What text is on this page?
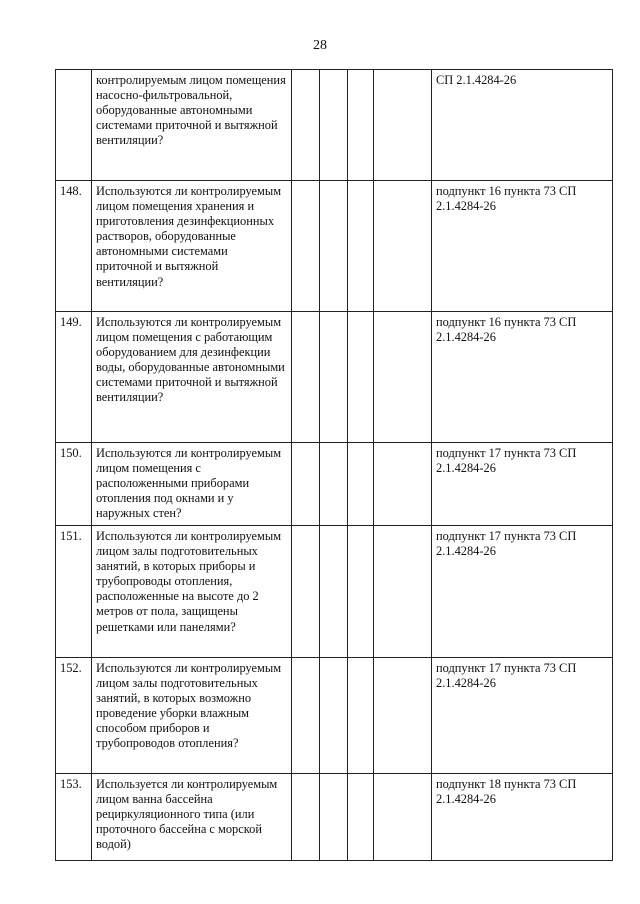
28
	контролируемым лицом помещения насосно-фильтровальной, оборудованные автономными системами приточной и вытяжной вентиляции?					СП 2.1.4284-26
148.	Используются ли контролируемым лицом помещения хранения и приготовления дезинфекционных растворов, оборудованные автономными системами приточной и вытяжной вентиляции?					подпункт 16 пункта 73 СП 2.1.4284-26
149.	Используются ли контролируемым лицом помещения с работающим оборудованием для дезинфекции воды, оборудованные автономными системами приточной и вытяжной вентиляции?					подпункт 16 пункта 73 СП 2.1.4284-26
150.	Используются ли контролируемым лицом помещения с расположенными приборами отопления под окнами и у наружных стен?					подпункт 17 пункта 73 СП 2.1.4284-26
151.	Используются ли контролируемым лицом залы подготовительных занятий, в которых приборы и трубопроводы отопления, расположенные на высоте до 2 метров от пола, защищены решетками или панелями?					подпункт 17 пункта 73 СП 2.1.4284-26
152.	Используются ли контролируемым лицом залы подготовительных занятий, в которых возможно проведение уборки влажным способом приборов и трубопроводов отопления?					подпункт 17 пункта 73 СП 2.1.4284-26
153.	Используется ли контролируемым лицом ванна бассейна рециркуляционного типа (или проточного бассейна с морской водой)					подпункт 18 пункта 73 СП 2.1.4284-26
